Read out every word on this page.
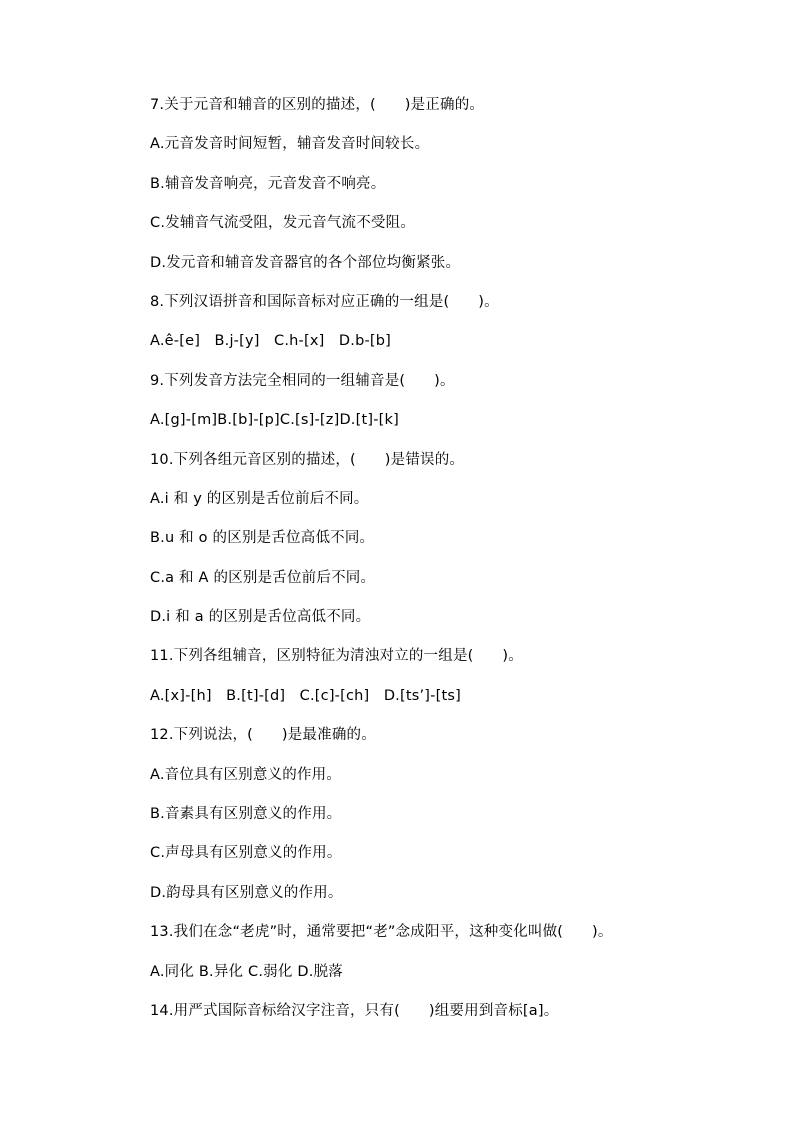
7.关于元音和辅音的区别的描述，(      )是正确的。
A.元音发音时间短暂，辅音发音时间较长。
B.辅音发音响亮，元音发音不响亮。
C.发辅音气流受阻，发元音气流不受阻。
D.发元音和辅音发音器官的各个部位均衡紧张。
8.下列汉语拼音和国际音标对应正确的一组是(      )。
A.ê-[e]   B.j-[y]   C.h-[x]   D.b-[b]
9.下列发音方法完全相同的一组辅音是(      )。
A.[g]-[m]B.[b]-[p]C.[s]-[z]D.[t]-[k]
10.下列各组元音区别的描述，(      )是错误的。
A.i 和 y 的区别是舌位前后不同。
B.u 和 o 的区别是舌位高低不同。
C.a 和 A 的区别是舌位前后不同。
D.i 和 a 的区别是舌位高低不同。
11.下列各组辅音，区别特征为清浊对立的一组是(      )。
A.[x]-[h]   B.[t]-[d]   C.[c]-[ch]   D.[ts’]-[ts]
12.下列说法，(      )是最准确的。
A.音位具有区别意义的作用。
B.音素具有区别意义的作用。
C.声母具有区别意义的作用。
D.韵母具有区别意义的作用。
13.我们在念“老虎”时，通常要把“老”念成阳平，这种变化叫做(      )。
A.同化 B.异化 C.弱化 D.脱落
14.用严式国际音标给汉字注音，只有(      )组要用到音标[a]。
